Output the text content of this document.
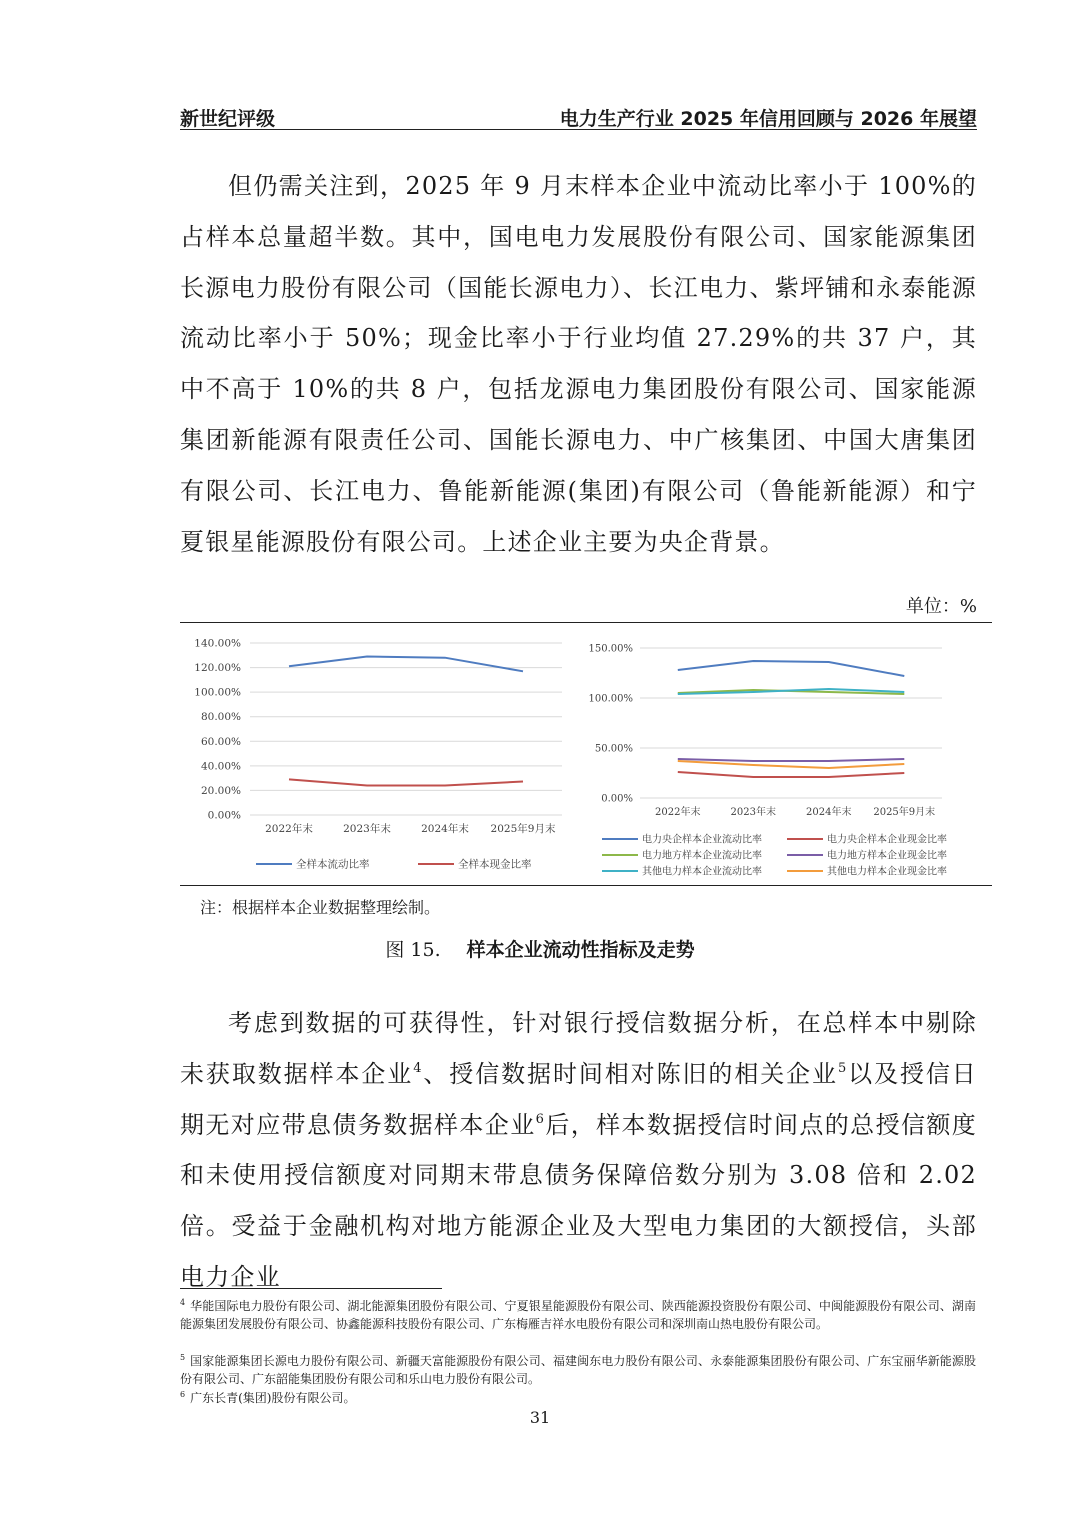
新世纪评级	电力生产行业 2025 年信用回顾与 2026 年展望

但仍需关注到，2025 年 9 月末样本企业中流动比率小于 100%的占样本总量超半数。其中，国电电力发展股份有限公司、国家能源集团长源电力股份有限公司（国能长源电力）、长江电力、紫坪铺和永泰能源流动比率小于 50%；现金比率小于行业均值 27.29%的共 37 户，其中不高于 10%的共 8 户，包括龙源电力集团股份有限公司、国家能源集团新能源有限责任公司、国能长源电力、中广核集团、中国大唐集团有限公司、长江电力、鲁能新能源(集团)有限公司（鲁能新能源）和宁夏银星能源股份有限公司。上述企业主要为央企背景。

单位：%
0.00%
20.00%
40.00%
60.00%
80.00%
100.00%
120.00%
140.00%
2022年末	2023年末	2024年末 2025年9月末
全样本流动比率	全样本现金比率
0.00%
50.00%
100.00%
150.00%
2022年末	2023年末	2024年末 2025年9月末
电力央企样本企业流动比率	电力央企样本企业现金比率
电力地方样本企业流动比率	电力地方样本企业现金比率
其他电力样本企业流动比率	其他电力样本企业现金比率
注：根据样本企业数据整理绘制。
图 15. 样本企业流动性指标及走势

考虑到数据的可获得性，针对银行授信数据分析，在总样本中剔除未获取数据样本企业$^4$、授信数据时间相对陈旧的相关企业$^5$以及授信日期无对应带息债务数据样本企业$^6$后，样本数据授信时间点的总授信额度和未使用授信额度对同期末带息债务保障倍数分别为 3.08 倍和 2.02 倍。受益于金融机构对地方能源企业及大型电力集团的大额授信，头部电力企业

$^4$ 华能国际电力股份有限公司、湖北能源集团股份有限公司、宁夏银星能源股份有限公司、陕西能源投资股份有限公司、中闽能源股份有限公司、湖南能源集团发展股份有限公司、协鑫能源科技股份有限公司、广东梅雁吉祥水电股份有限公司和深圳南山热电股份有限公司。

$^5$ 国家能源集团长源电力股份有限公司、新疆天富能源股份有限公司、福建闽东电力股份有限公司、永泰能源集团股份有限公司、广东宝丽华新能源股份有限公司、广东韶能集团股份有限公司和乐山电力股份有限公司。

$^6$ 广东长青(集团)股份有限公司。

31
